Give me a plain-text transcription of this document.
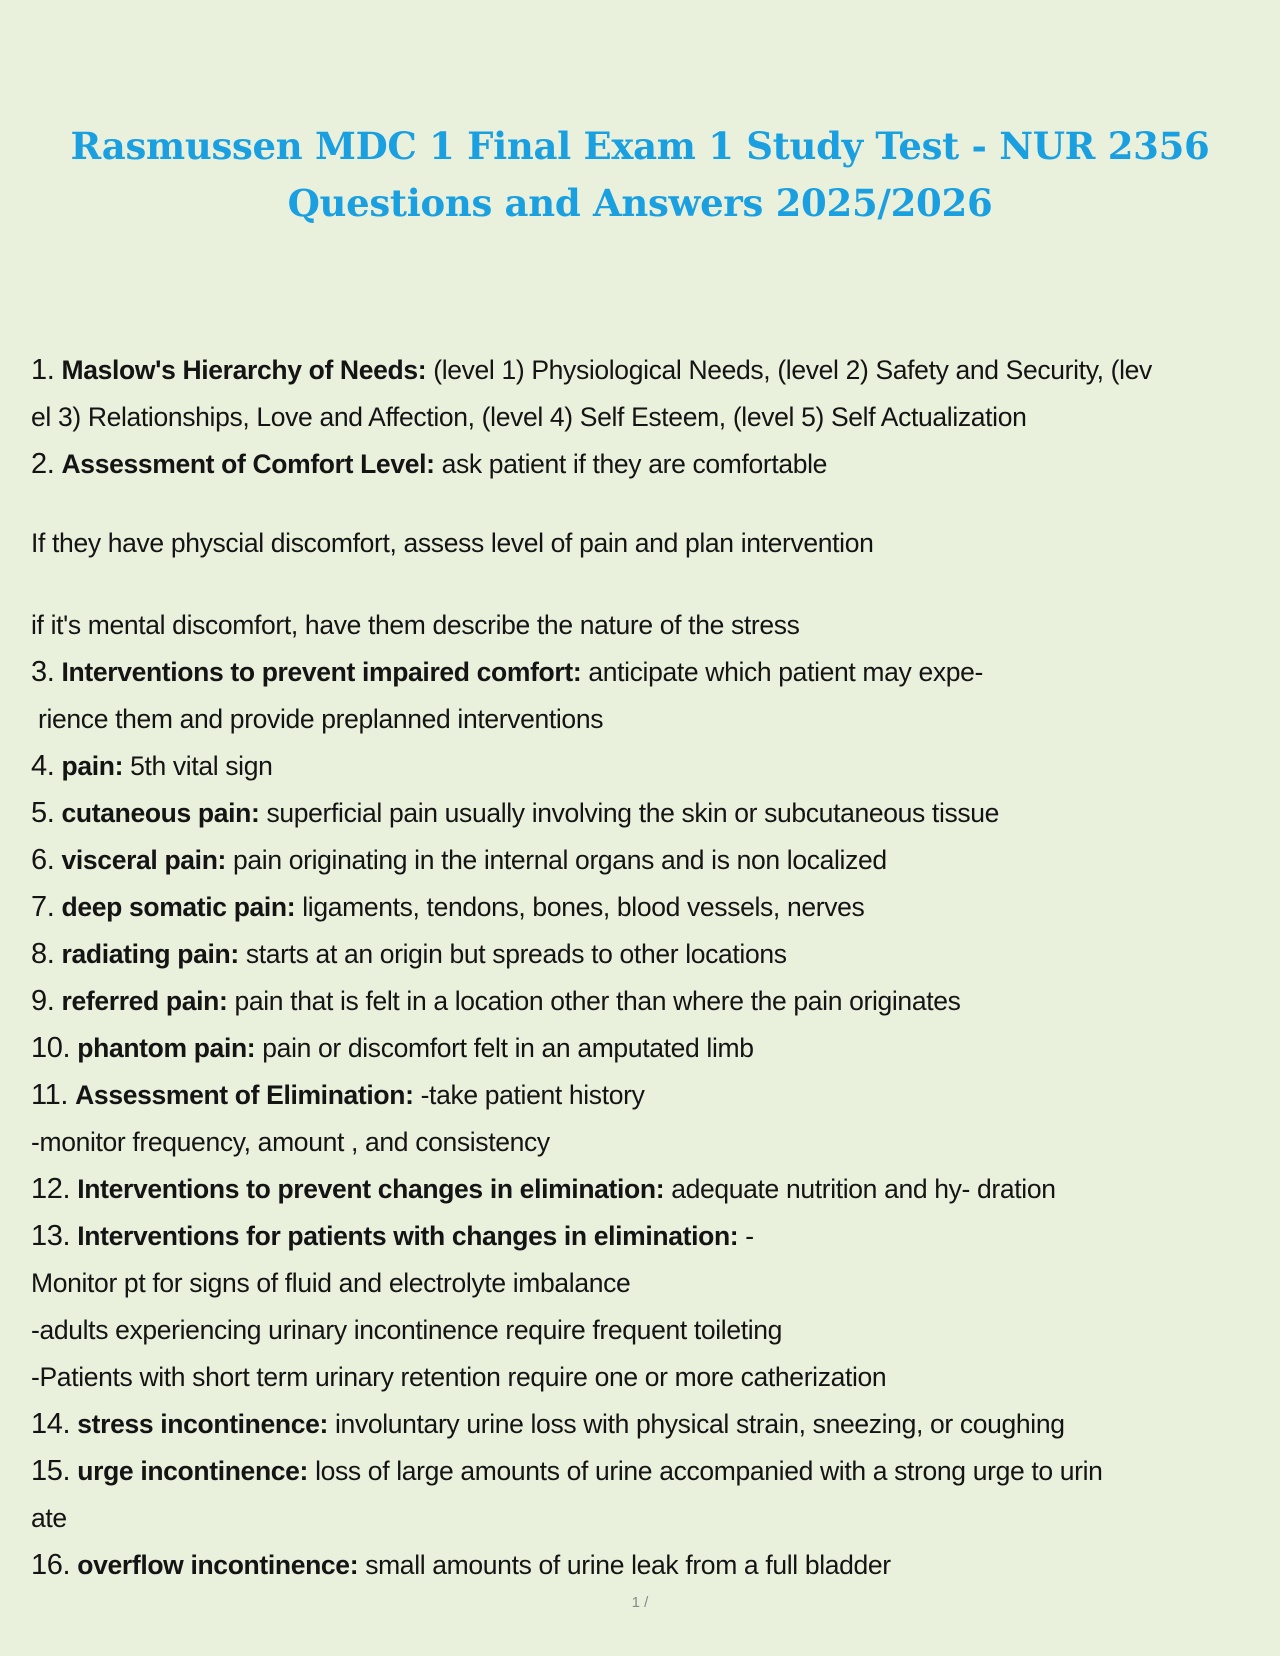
Rasmussen MDC 1 Final Exam 1 Study Test - NUR 2356
Questions and Answers 2025/2026
1. Maslow's Hierarchy of Needs: (level 1) Physiological Needs, (level 2) Safety and Security, (lev
el 3) Relationships, Love and Affection, (level 4) Self Esteem, (level 5) Self Actualization
2. Assessment of Comfort Level: ask patient if they are comfortable
If they have physcial discomfort, assess level of pain and plan intervention
if it's mental discomfort, have them describe the nature of the stress
3. Interventions to prevent impaired comfort: anticipate which patient may expe-
rience them and provide preplanned interventions
4. pain: 5th vital sign
5. cutaneous pain: superficial pain usually involving the skin or subcutaneous tissue
6. visceral pain: pain originating in the internal organs and is non localized
7. deep somatic pain: ligaments, tendons, bones, blood vessels, nerves
8. radiating pain: starts at an origin but spreads to other locations
9. referred pain: pain that is felt in a location other than where the pain originates
10. phantom pain: pain or discomfort felt in an amputated limb
11. Assessment of Elimination: -take patient history
-monitor frequency, amount , and consistency
12. Interventions to prevent changes in elimination: adequate nutrition and hy- dration
13. Interventions for patients with changes in elimination: -
Monitor pt for signs of fluid and electrolyte imbalance
-adults experiencing urinary incontinence require frequent toileting
-Patients with short term urinary retention require one or more catherization
14. stress incontinence: involuntary urine loss with physical strain, sneezing, or coughing
15. urge incontinence: loss of large amounts of urine accompanied with a strong urge to urin
ate
16. overflow incontinence: small amounts of urine leak from a full bladder
1 /
